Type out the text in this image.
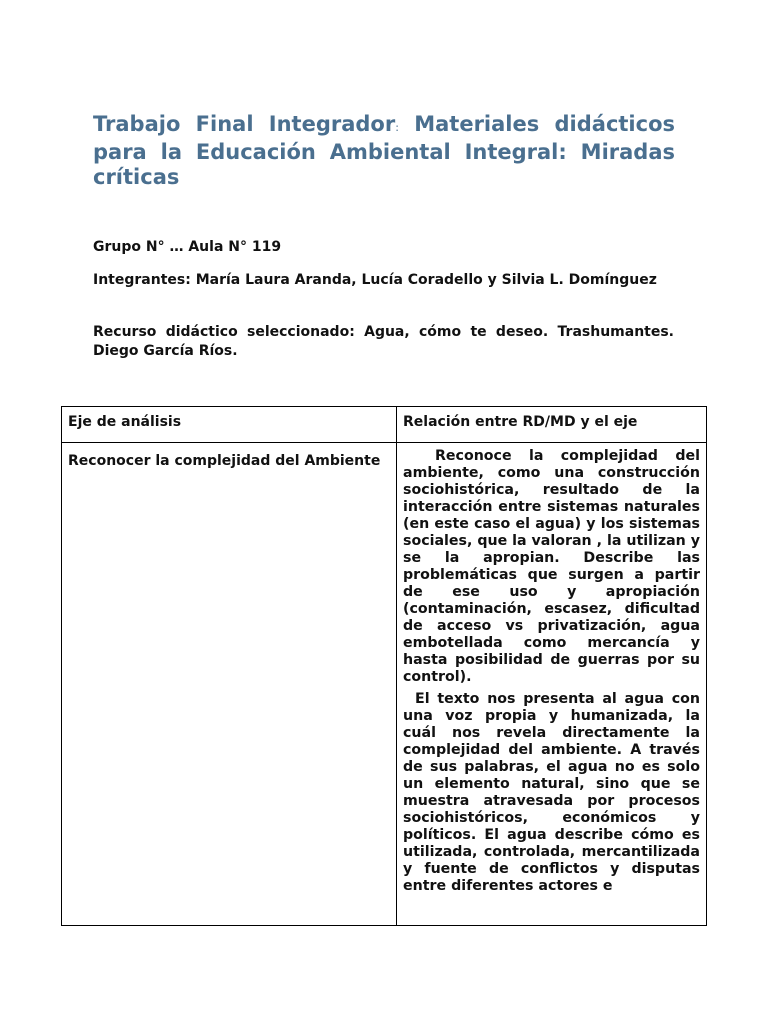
Trabajo Final Integrador: Materiales didácticos para la Educación Ambiental Integral: Miradas críticas

Grupo N° … Aula N° 119

Integrantes: María Laura Aranda, Lucía Coradello y Silvia L. Domínguez

Recurso didáctico seleccionado: Agua, cómo te deseo. Trashumantes. Diego García Ríos.

Eje de análisis	Relación entre RD/MD y el eje

Reconocer la complejidad del Ambiente	Reconoce la complejidad del ambiente, como una construcción sociohistórica, resultado de la interacción entre sistemas naturales (en este caso el agua) y los sistemas sociales, que la valoran , la utilizan y se la apropian. Describe las problemáticas que surgen a partir de ese uso y apropiación (contaminación, escasez, dificultad de acceso vs privatización, agua embotellada como mercancía y hasta posibilidad de guerras por su control).

El texto nos presenta al agua con una voz propia y humanizada, la cuál nos revela directamente la complejidad del ambiente. A través de sus palabras, el agua no es solo un elemento natural, sino que se muestra atravesada por procesos sociohistóricos, económicos y políticos. El agua describe cómo es utilizada, controlada, mercantilizada y fuente de conflictos y disputas entre diferentes actores e
